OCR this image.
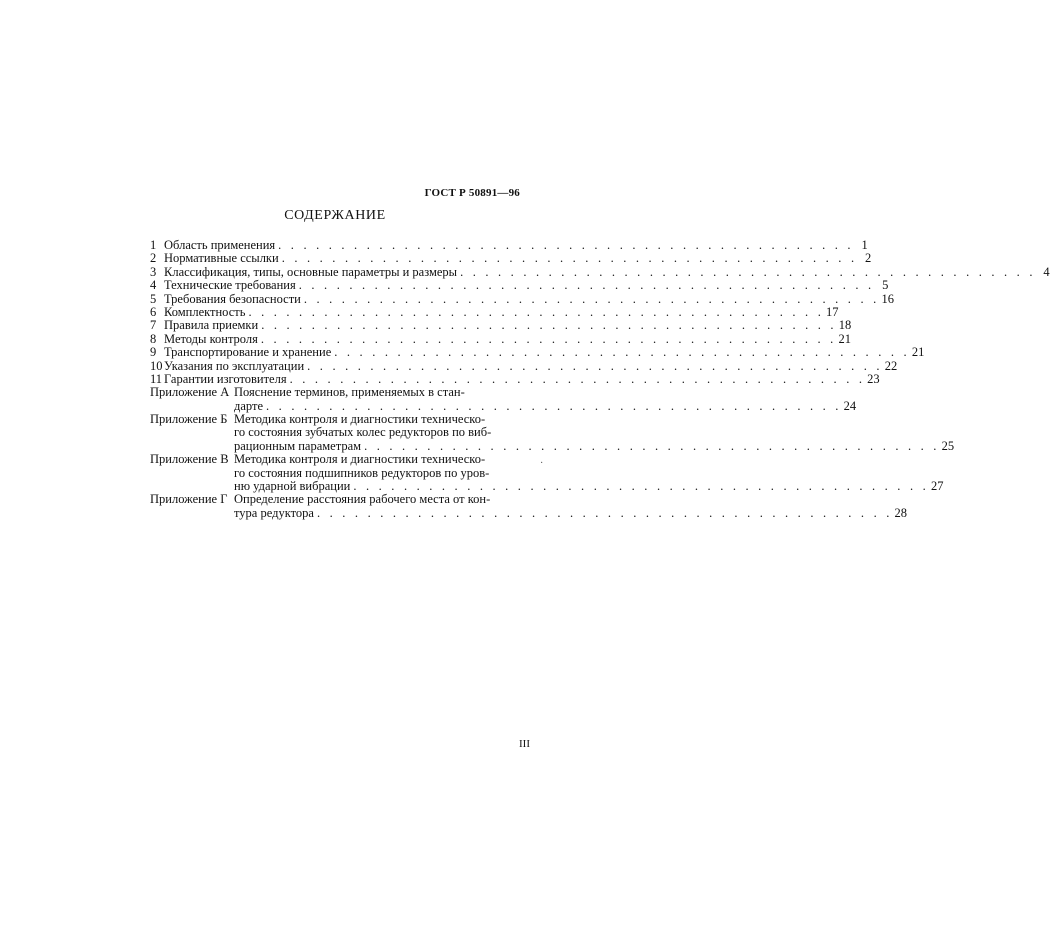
ГОСТ Р 50891—96
СОДЕРЖАНИЕ
1 Область применения . . . . . . . . . . . . . . . . . . . . . . . . . . . . . . . . . . . . . . . . . . . . . . 1
2 Нормативные ссылки . . . . . . . . . . . . . . . . . . . . . . . . . . . . . . . . . . . . . . . . . . . . . . 2
3 Классификация, типы, основные параметры и размеры . . . . . . . . . . . . . . . . . . . . . . . . . . . . . . . . . . . . . . . . . . . . . . 4
4 Технические требования . . . . . . . . . . . . . . . . . . . . . . . . . . . . . . . . . . . . . . . . . . . . . . 5
5 Требования безопасности . . . . . . . . . . . . . . . . . . . . . . . . . . . . . . . . . . . . . . . . . . . . . . 16
6 Комплектность . . . . . . . . . . . . . . . . . . . . . . . . . . . . . . . . . . . . . . . . . . . . . . 17
7 Правила приемки . . . . . . . . . . . . . . . . . . . . . . . . . . . . . . . . . . . . . . . . . . . . . . 18
8 Методы контроля . . . . . . . . . . . . . . . . . . . . . . . . . . . . . . . . . . . . . . . . . . . . . . 21
9 Транспортирование и хранение . . . . . . . . . . . . . . . . . . . . . . . . . . . . . . . . . . . . . . . . . . . . . . 21
10 Указания по эксплуатации . . . . . . . . . . . . . . . . . . . . . . . . . . . . . . . . . . . . . . . . . . . . . . 22
11 Гарантии изготовителя . . . . . . . . . . . . . . . . . . . . . . . . . . . . . . . . . . . . . . . . . . . . . . 23
Приложение А Пояснение терминов, применяемых в стан-
дарте . . . . . . . . . . . . . . . . . . . . . . . . . . . . . . . . . . . . . . . . . . . . . . 24
Приложение Б Методика контроля и диагностики техническо-
го состояния зубчатых колес редукторов по виб-
рационным параметрам . . . . . . . . . . . . . . . . . . . . . . . . . . . . . . . . . . . . . . . . . . . . . . 25
Приложение В Методика контроля и диагностики техническо-
го состояния подшипников редукторов по уров-
ню ударной вибрации . . . . . . . . . . . . . . . . . . . . . . . . . . . . . . . . . . . . . . . . . . . . . . 27
Приложение Г Определение расстояния рабочего места от кон-
тура редуктора . . . . . . . . . . . . . . . . . . . . . . . . . . . . . . . . . . . . . . . . . . . . . . 28
·
III
